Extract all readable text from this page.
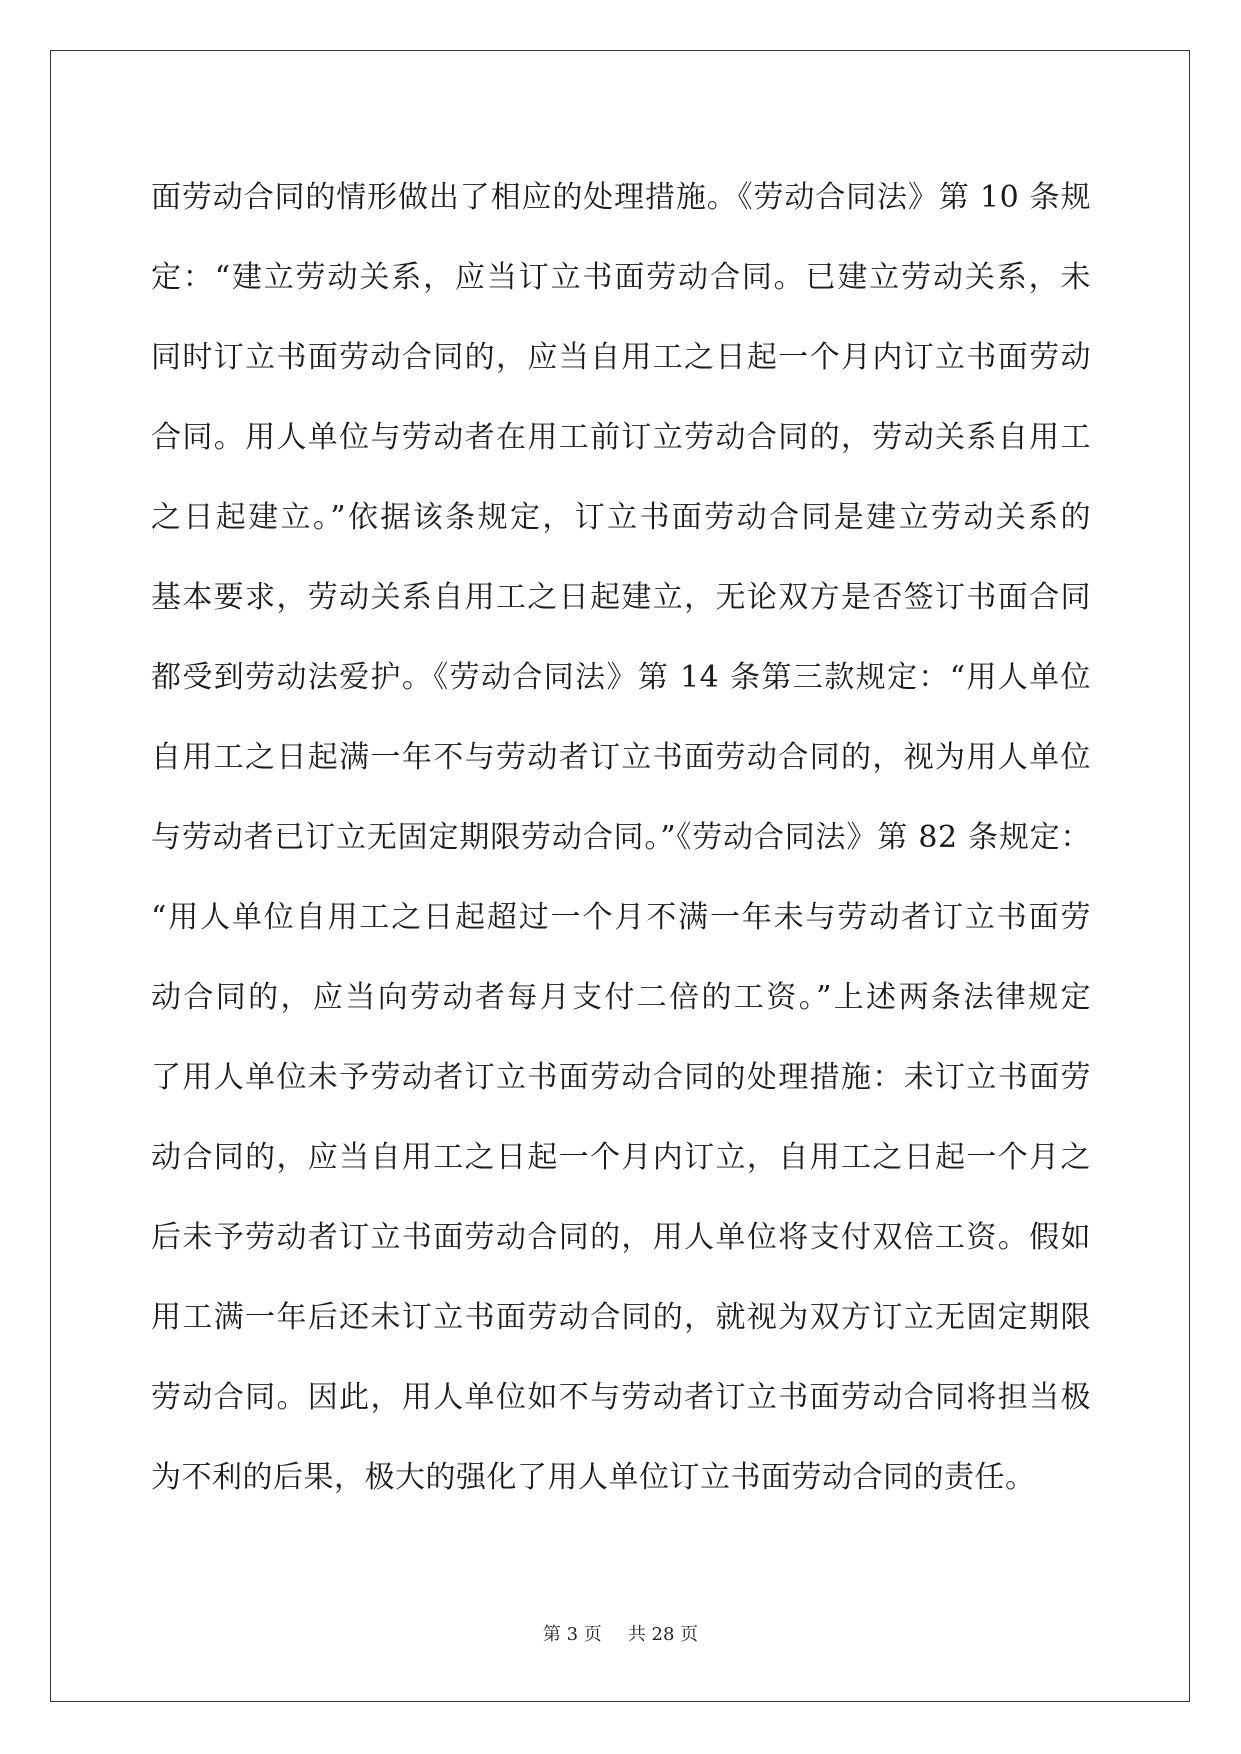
面劳动合同的情形做出了相应的处理措施。《劳动合同法》第 10 条规
定：“建立劳动关系，应当订立书面劳动合同。已建立劳动关系，未
同时订立书面劳动合同的，应当自用工之日起一个月内订立书面劳动
合同。用人单位与劳动者在用工前订立劳动合同的，劳动关系自用工
之日起建立。”依据该条规定，订立书面劳动合同是建立劳动关系的
基本要求，劳动关系自用工之日起建立，无论双方是否签订书面合同
都受到劳动法爱护。《劳动合同法》第 14 条第三款规定：“用人单位
自用工之日起满一年不与劳动者订立书面劳动合同的，视为用人单位
与劳动者已订立无固定期限劳动合同。”《劳动合同法》第 82 条规定：
“用人单位自用工之日起超过一个月不满一年未与劳动者订立书面劳
动合同的，应当向劳动者每月支付二倍的工资。”上述两条法律规定
了用人单位未予劳动者订立书面劳动合同的处理措施：未订立书面劳
动合同的，应当自用工之日起一个月内订立，自用工之日起一个月之
后未予劳动者订立书面劳动合同的，用人单位将支付双倍工资。假如
用工满一年后还未订立书面劳动合同的，就视为双方订立无固定期限
劳动合同。因此，用人单位如不与劳动者订立书面劳动合同将担当极
为不利的后果，极大的强化了用人单位订立书面劳动合同的责任。
第 3 页 共 28 页
